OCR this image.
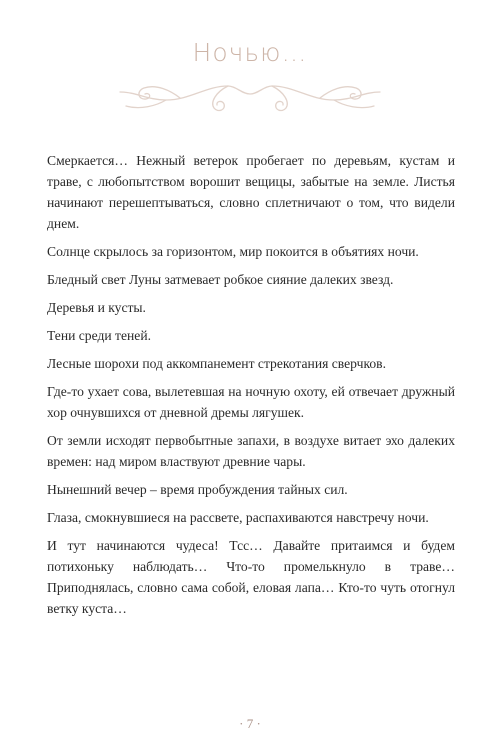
Ночью…

Смеркается… Нежный ветерок пробегает по деревьям, кустам и траве, с любопытством ворошит вещицы, забытые на земле. Листья начинают перешептываться, словно сплетничают о том, что видели днем.

Солнце скрылось за горизонтом, мир покоится в объятиях ночи.

Бледный свет Луны затмевает робкое сияние далеких звезд.

Деревья и кусты.

Тени среди теней.

Лесные шорохи под аккомпанемент стрекотания сверчков.

Где-то ухает сова, вылетевшая на ночную охоту, ей отвечает дружный хор очнувшихся от дневной дремы лягушек.

От земли исходят первобытные запахи, в воздухе витает эхо далеких времен: над миром властвуют древние чары.

Нынешний вечер – время пробуждения тайных сил.

Глаза, смокнувшиеся на рассвете, распахиваются навстречу ночи.

И тут начинаются чудеса! Тсс… Давайте притаимся и будем потихоньку наблюдать… Что-то промелькнуло в траве… Приподнялась, словно сама собой, еловая лапа… Кто-то чуть отогнул ветку куста…

· 7 ·
